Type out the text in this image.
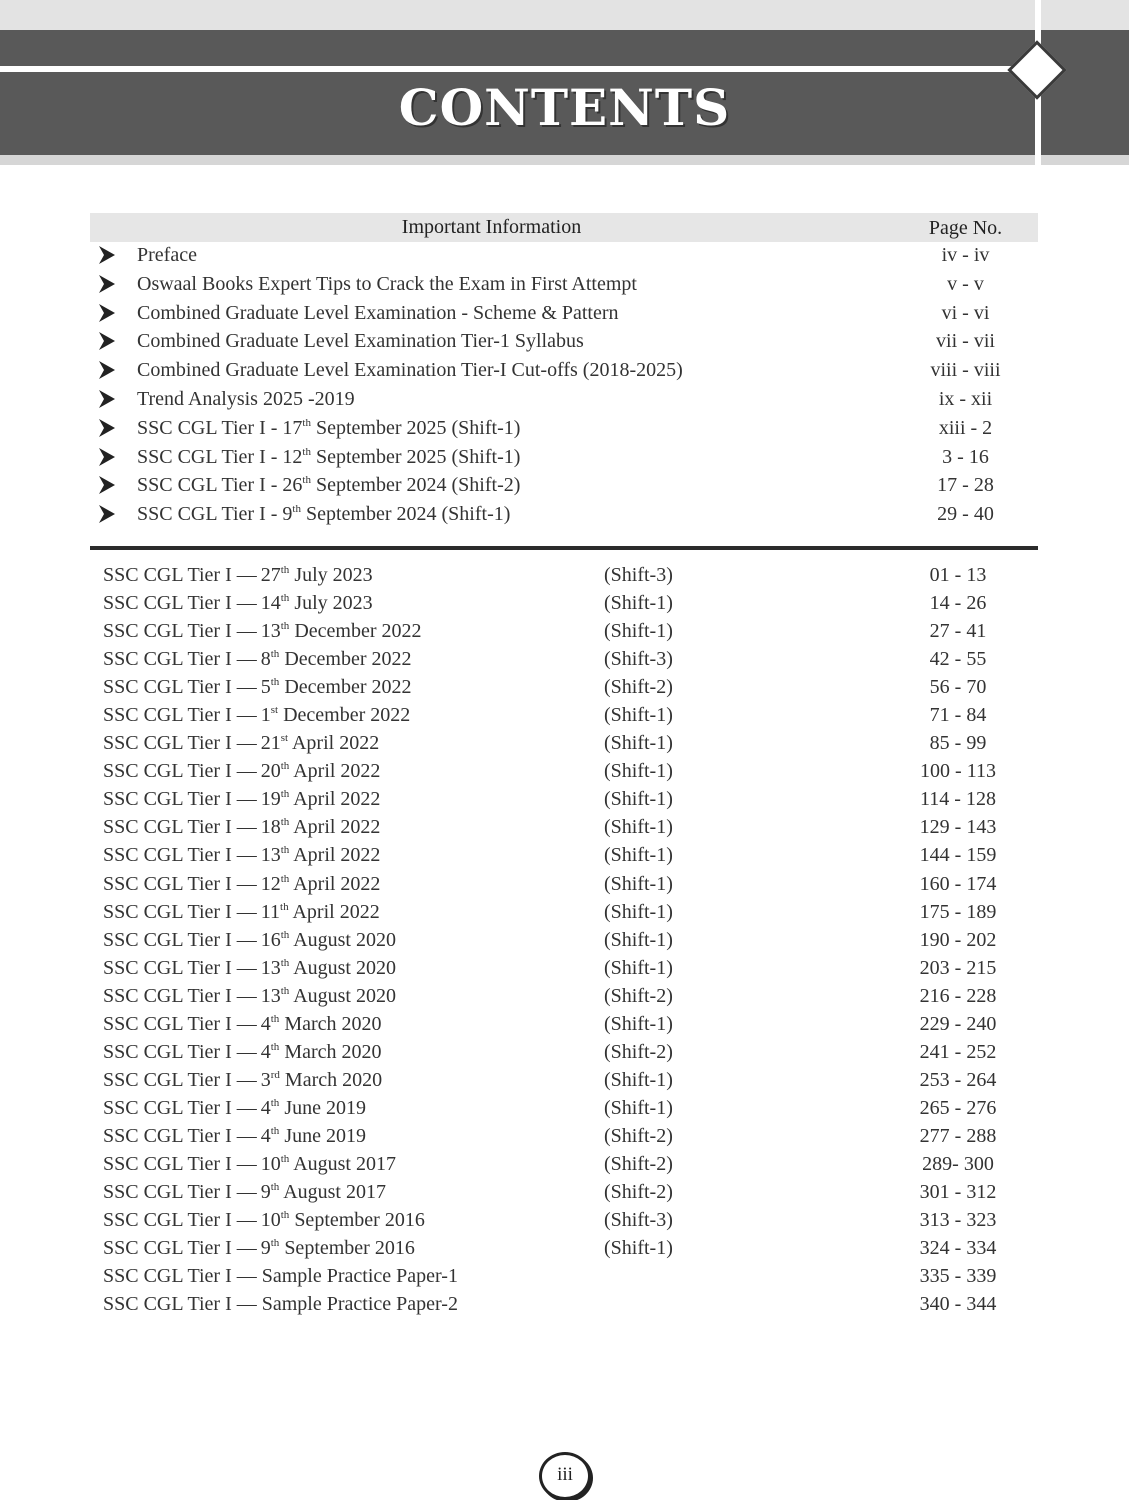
CONTENTS
Important Information	Page No.
Preface	iv - iv
Oswaal Books Expert Tips to Crack the Exam in First Attempt	v - v
Combined Graduate Level Examination - Scheme & Pattern	vi - vi
Combined Graduate Level Examination Tier-1 Syllabus	vii - vii
Combined Graduate Level Examination Tier-I Cut-offs (2018-2025)	viii - viii
Trend Analysis 2025 -2019	ix - xii
SSC CGL Tier I - 17th September 2025 (Shift-1)	xiii - 2
SSC CGL Tier I - 12th September 2025 (Shift-1)	3 - 16
SSC CGL Tier I - 26th September 2024 (Shift-2)	17 - 28
SSC CGL Tier I - 9th September 2024 (Shift-1)	29 - 40
SSC CGL Tier I — 27th July 2023	(Shift-3)	01 - 13
SSC CGL Tier I — 14th July 2023	(Shift-1)	14 - 26
SSC CGL Tier I — 13th December 2022	(Shift-1)	27 - 41
SSC CGL Tier I — 8th December 2022	(Shift-3)	42 - 55
SSC CGL Tier I — 5th December 2022	(Shift-2)	56 - 70
SSC CGL Tier I — 1st December 2022	(Shift-1)	71 - 84
SSC CGL Tier I — 21st April 2022	(Shift-1)	85 - 99
SSC CGL Tier I — 20th April 2022	(Shift-1)	100 - 113
SSC CGL Tier I — 19th April 2022	(Shift-1)	114 - 128
SSC CGL Tier I — 18th April 2022	(Shift-1)	129 - 143
SSC CGL Tier I — 13th April 2022	(Shift-1)	144 - 159
SSC CGL Tier I — 12th April 2022	(Shift-1)	160 - 174
SSC CGL Tier I — 11th April 2022	(Shift-1)	175 - 189
SSC CGL Tier I — 16th August 2020	(Shift-1)	190 - 202
SSC CGL Tier I — 13th August 2020	(Shift-1)	203 - 215
SSC CGL Tier I — 13th August 2020	(Shift-2)	216 - 228
SSC CGL Tier I — 4th March 2020	(Shift-1)	229 - 240
SSC CGL Tier I — 4th March 2020	(Shift-2)	241 - 252
SSC CGL Tier I — 3rd March 2020	(Shift-1)	253 - 264
SSC CGL Tier I — 4th June 2019	(Shift-1)	265 - 276
SSC CGL Tier I — 4th June 2019	(Shift-2)	277 - 288
SSC CGL Tier I — 10th August 2017	(Shift-2)	289- 300
SSC CGL Tier I — 9th August 2017	(Shift-2)	301 - 312
SSC CGL Tier I — 10th September 2016	(Shift-3)	313 - 323
SSC CGL Tier I — 9th September 2016	(Shift-1)	324 - 334
SSC CGL Tier I — Sample Practice Paper-1	335 - 339
SSC CGL Tier I — Sample Practice Paper-2	340 - 344
iii
